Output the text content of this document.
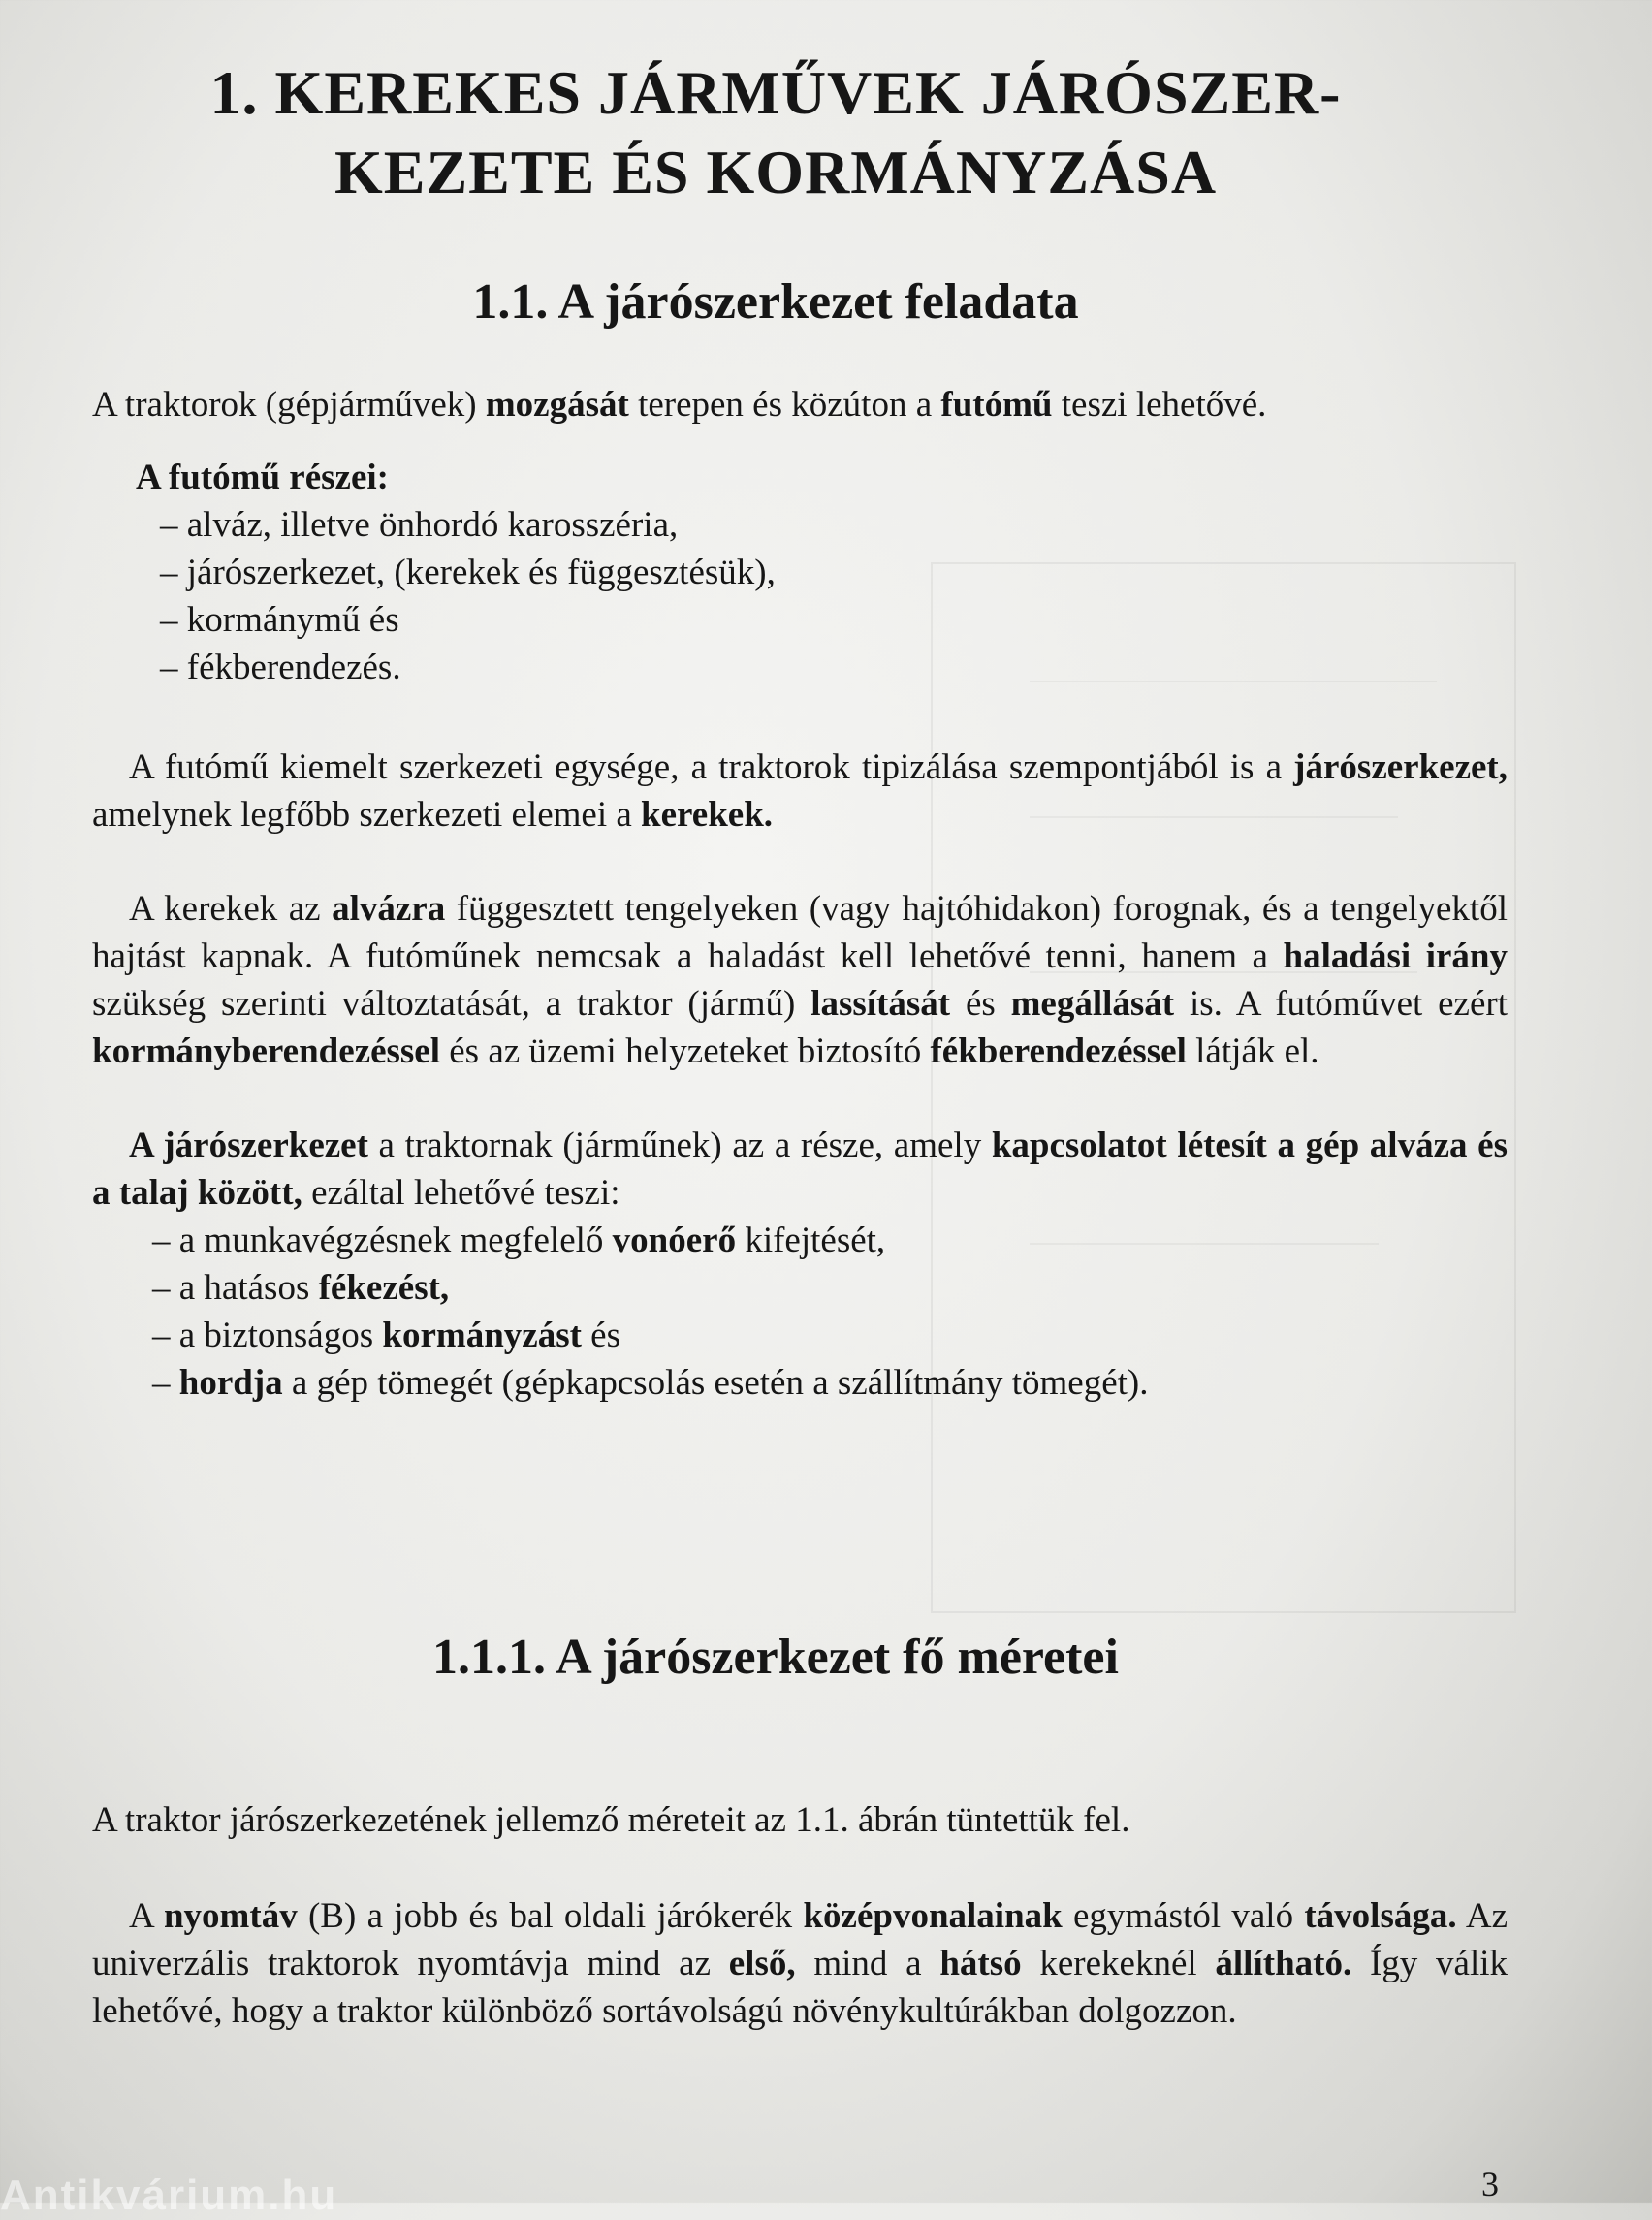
1. KEREKES JÁRMŰVEK JÁRÓSZER-
KEZETE ÉS KORMÁNYZÁSA
1.1. A járószerkezet feladata

A traktorok (gépjárművek) mozgását terepen és közúton a futómű teszi lehetővé.

A futómű részei:
– alváz, illetve önhordó karosszéria,
– járószerkezet, (kerekek és függesztésük),
– kormánymű és
– fékberendezés.

A futómű kiemelt szerkezeti egysége, a traktorok tipizálása szempontjából is a járószerkezet, amelynek legfőbb szerkezeti elemei a kerekek.

A kerekek az alvázra függesztett tengelyeken (vagy hajtóhidakon) forognak, és a tengelyektől hajtást kapnak. A futóműnek nemcsak a haladást kell lehetővé tenni, hanem a haladási irány szükség szerinti változtatását, a traktor (jármű) lassítását és megállását is. A futóművet ezért kormányberendezéssel és az üzemi helyzeteket biztosító fékberendezéssel látják el.

A járószerkezet a traktornak (járműnek) az a része, amely kapcsolatot létesít a gép alváza és a talaj között, ezáltal lehetővé teszi:

– a munkavégzésnek megfelelő vonóerő kifejtését,
– a hatásos fékezést,
– a biztonságos kormányzást és
– hordja a gép tömegét (gépkapcsolás esetén a szállítmány tömegét).
1.1.1. A járószerkezet fő méretei

A traktor járószerkezetének jellemző méreteit az 1.1. ábrán tüntettük fel.

A nyomtáv (B) a jobb és bal oldali járókerék középvonalainak egymástól való távolsága. Az univerzális traktorok nyomtávja mind az első, mind a hátsó kerekeknél állítható. Így válik lehetővé, hogy a traktor különböző sortávolságú növénykultúrákban dolgozzon.

3
Antikvárium.hu
